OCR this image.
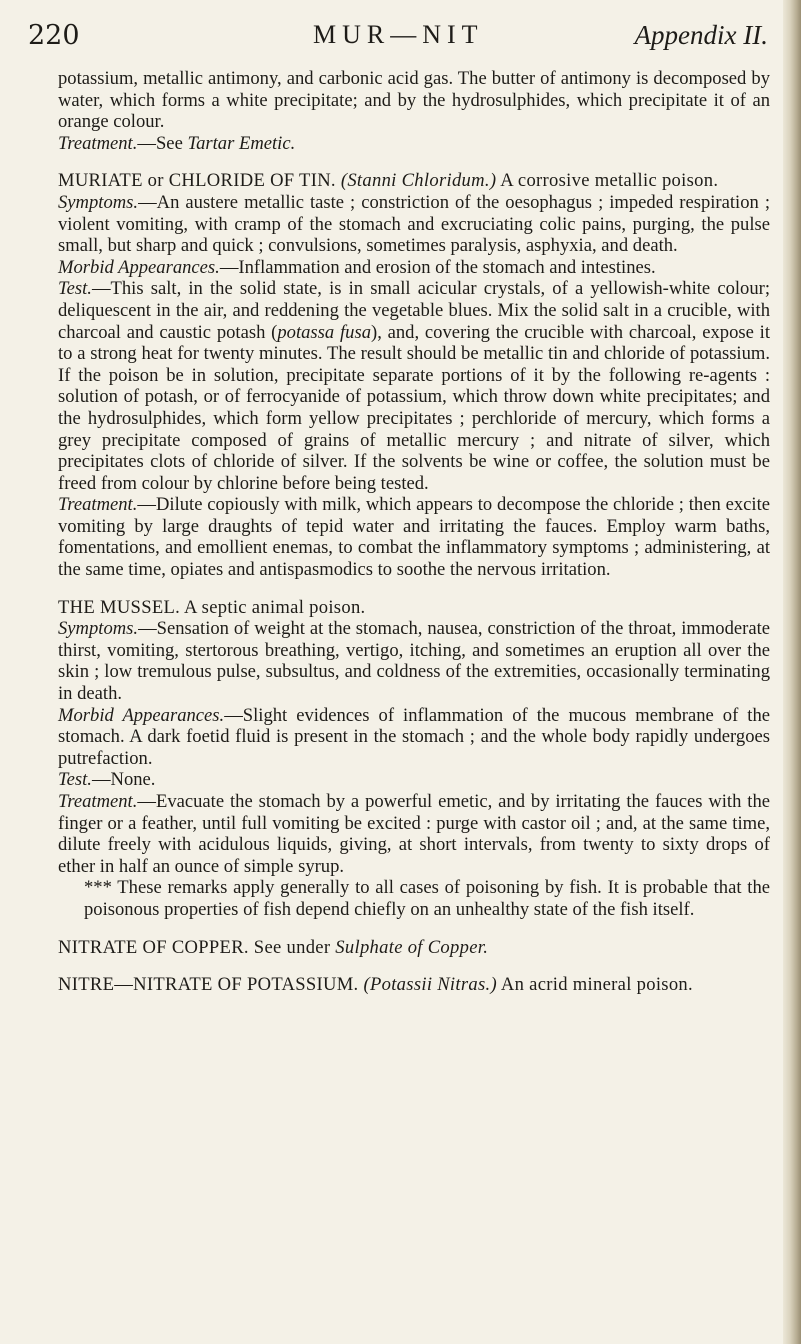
220	MUR—NIT	Appendix II.

potassium, metallic antimony, and carbonic acid gas. The butter of antimony is decomposed by water, which forms a white precipitate; and by the hydrosulphides, which precipitate it of an orange colour.

Treatment.—See Tartar Emetic.

MURIATE or CHLORIDE OF TIN. (Stanni Chloridum.) A corrosive metallic poison.

Symptoms.—An austere metallic taste ; constriction of the oesophagus ; impeded respiration ; violent vomiting, with cramp of the stomach and excruciating colic pains, purging, the pulse small, but sharp and quick ; convulsions, sometimes paralysis, asphyxia, and death.

Morbid Appearances.—Inflammation and erosion of the stomach and intestines.

Test.—This salt, in the solid state, is in small acicular crystals, of a yellowish-white colour; deliquescent in the air, and reddening the vegetable blues. Mix the solid salt in a crucible, with charcoal and caustic potash (potassa fusa), and, covering the crucible with charcoal, expose it to a strong heat for twenty minutes. The result should be metallic tin and chloride of potassium. If the poison be in solution, precipitate separate portions of it by the following re-agents : solution of potash, or of ferrocyanide of potassium, which throw down white precipitates; and the hydrosulphides, which form yellow precipitates ; perchloride of mercury, which forms a grey precipitate composed of grains of metallic mercury ; and nitrate of silver, which precipitates clots of chloride of silver. If the solvents be wine or coffee, the solution must be freed from colour by chlorine before being tested.

Treatment.—Dilute copiously with milk, which appears to decompose the chloride ; then excite vomiting by large draughts of tepid water and irritating the fauces. Employ warm baths, fomentations, and emollient enemas, to combat the inflammatory symptoms ; administering, at the same time, opiates and antispasmodics to soothe the nervous irritation.

THE MUSSEL. A septic animal poison.

Symptoms.—Sensation of weight at the stomach, nausea, constriction of the throat, immoderate thirst, vomiting, stertorous breathing, vertigo, itching, and sometimes an eruption all over the skin ; low tremulous pulse, subsultus, and coldness of the extremities, occasionally terminating in death.

Morbid Appearances.—Slight evidences of inflammation of the mucous membrane of the stomach. A dark foetid fluid is present in the stomach ; and the whole body rapidly undergoes putrefaction.

Test.—None.

Treatment.—Evacuate the stomach by a powerful emetic, and by irritating the fauces with the finger or a feather, until full vomiting be excited : purge with castor oil ; and, at the same time, dilute freely with acidulous liquids, giving, at short intervals, from twenty to sixty drops of ether in half an ounce of simple syrup.

*** These remarks apply generally to all cases of poisoning by fish. It is probable that the poisonous properties of fish depend chiefly on an unhealthy state of the fish itself.

NITRATE OF COPPER. See under Sulphate of Copper.

NITRE—NITRATE OF POTASSIUM. (Potassii Nitras.) An acrid mineral poison.
